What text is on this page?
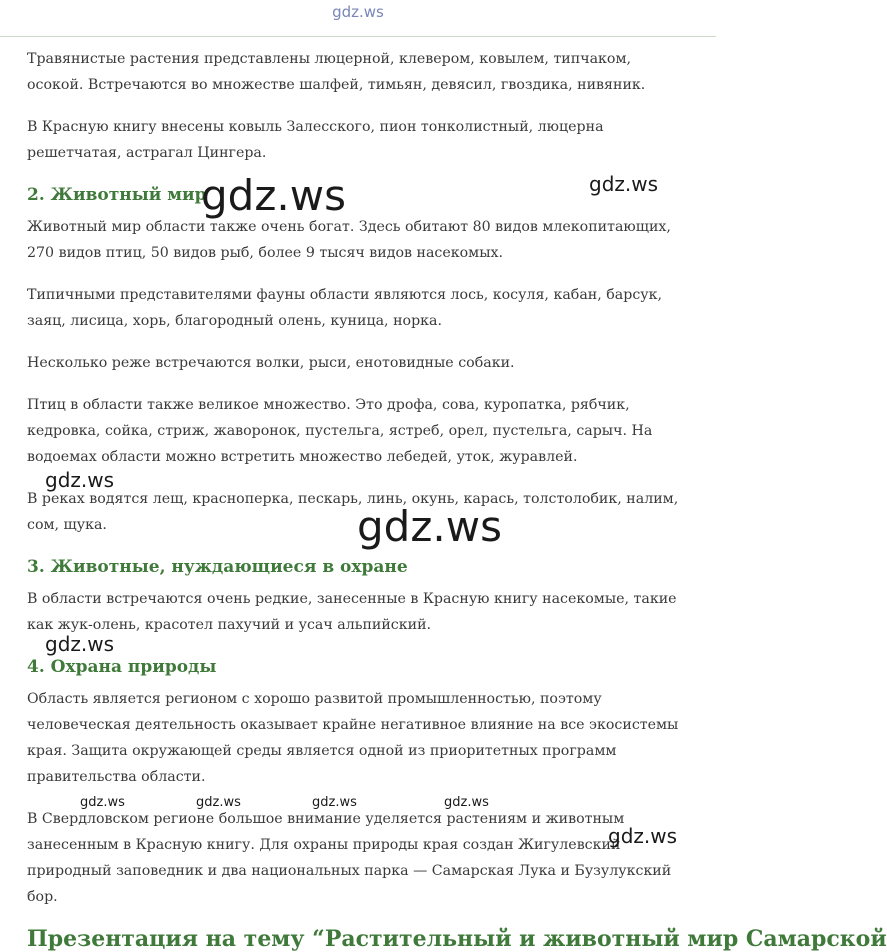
gdz.ws

Травянистые растения представлены люцерной, клевером, ковылем, типчаком, осокой. Встречаются во множестве шалфей, тимьян, девясил, гвоздика, нивяник.

В Красную книгу внесены ковыль Залесского, пион тонколистный, люцерна решетчатая, астрагал Цингера.

2. Животный мир

Животный мир области также очень богат. Здесь обитают 80 видов млекопитающих, 270 видов птиц, 50 видов рыб, более 9 тысяч видов насекомых.

Типичными представителями фауны области являются лось, косуля, кабан, барсук, заяц, лисица, хорь, благородный олень, куница, норка.

Несколько реже встречаются волки, рыси, енотовидные собаки.

Птиц в области также великое множество. Это дрофа, сова, куропатка, рябчик, кедровка, сойка, стриж, жаворонок, пустельга, ястреб, орел, пустельга, сарыч. На водоемах области можно встретить множество лебедей, уток, журавлей.

В реках водятся лещ, красноперка, пескарь, линь, окунь, карась, толстолобик, налим, сом, щука.

3. Животные, нуждающиеся в охране

В области встречаются очень редкие, занесенные в Красную книгу насекомые, такие как жук-олень, красотел пахучий и усач альпийский.

4. Охрана природы

Область является регионом с хорошо развитой промышленностью, поэтому человеческая деятельность оказывает крайне негативное влияние на все экосистемы края. Защита окружающей среды является одной из приоритетных программ правительства области.

В Свердловском регионе большое внимание уделяется растениям и животным занесенным в Красную книгу. Для охраны природы края создан Жигулевский природный заповедник и два национальных парка — Самарская Лука и Бузулукский бор.

Презентация на тему “Растительный и животный мир Самарской
gdz.ws	gdz.ws
gdz.ws
gdz.ws
gdz.ws
gdz.ws	gdz.ws	gdz.ws	gdz.ws
gdz.ws
